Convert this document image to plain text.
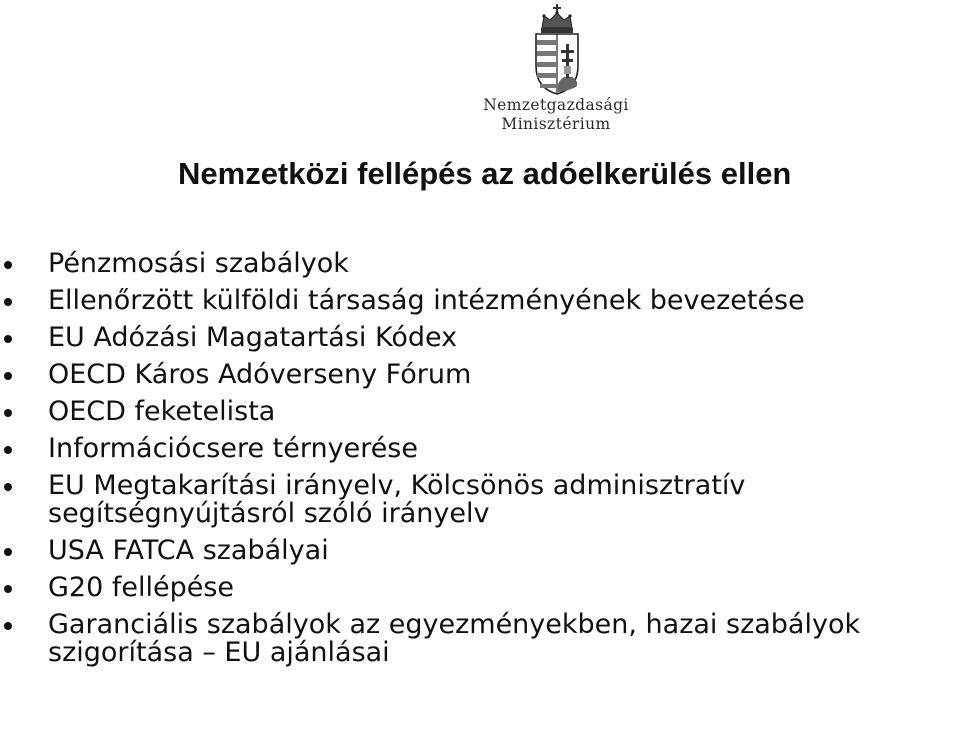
Nemzetgazdasági
Minisztérium
Nemzetközi fellépés az adóelkerülés ellen
Pénzmosási szabályok
Ellenőrzött külföldi társaság intézményének bevezetése
EU Adózási Magatartási Kódex
OECD Káros Adóverseny Fórum
OECD feketelista
Információcsere térnyerése
EU Megtakarítási irányelv, Kölcsönös adminisztratív segítségnyújtásról szóló irányelv
USA FATCA szabályai
G20 fellépése
Garanciális szabályok az egyezményekben, hazai szabályok szigorítása – EU ajánlásai
